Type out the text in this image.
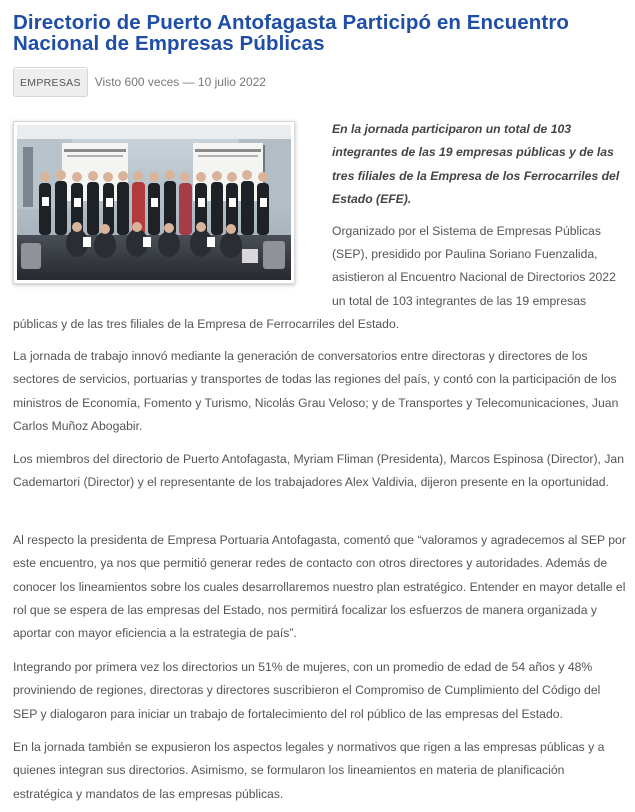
Directorio de Puerto Antofagasta Participó en Encuentro Nacional de Empresas Públicas
EMPRESAS	Visto 600 veces — 10 julio 2022
En la jornada participaron un total de 103 integrantes de las 19 empresas públicas y de las tres filiales de la Empresa de los Ferrocarriles del Estado (EFE).
Organizado por el Sistema de Empresas Públicas (SEP), presidido por Paulina Soriano Fuenzalida, asistieron al Encuentro Nacional de Directorios 2022 un total de 103 integrantes de las 19 empresas
públicas y de las tres filiales de la Empresa de Ferrocarriles del Estado.

La jornada de trabajo innovó mediante la generación de conversatorios entre directoras y directores de los sectores de servicios, portuarias y transportes de todas las regiones del país, y contó con la participación de los ministros de Economía, Fomento y Turismo, Nicolás Grau Veloso; y de Transportes y Telecomunicaciones, Juan Carlos Muñoz Abogabir.

Los miembros del directorio de Puerto Antofagasta, Myriam Fliman (Presidenta), Marcos Espinosa (Director), Jan Cademartori (Director) y el representante de los trabajadores Alex Valdivia, dijeron presente en la oportunidad.

Al respecto la presidenta de Empresa Portuaria Antofagasta, comentó que “valoramos y agradecemos al SEP por este encuentro, ya nos que permitió generar redes de contacto con otros directores y autoridades. Además de conocer los lineamientos sobre los cuales desarrollaremos nuestro plan estratégico. Entender en mayor detalle el rol que se espera de las empresas del Estado, nos permitirá focalizar los esfuerzos de manera organizada y aportar con mayor eficiencia a la estrategia de país”.

Integrando por primera vez los directorios un 51% de mujeres, con un promedio de edad de 54 años y 48% proviniendo de regiones, directoras y directores suscribieron el Compromiso de Cumplimiento del Código del SEP y dialogaron para iniciar un trabajo de fortalecimiento del rol público de las empresas del Estado.

En la jornada también se expusieron los aspectos legales y normativos que rigen a las empresas públicas y a quienes integran sus directorios. Asimismo, se formularon los lineamientos en materia de planificación estratégica y mandatos de las empresas públicas.
